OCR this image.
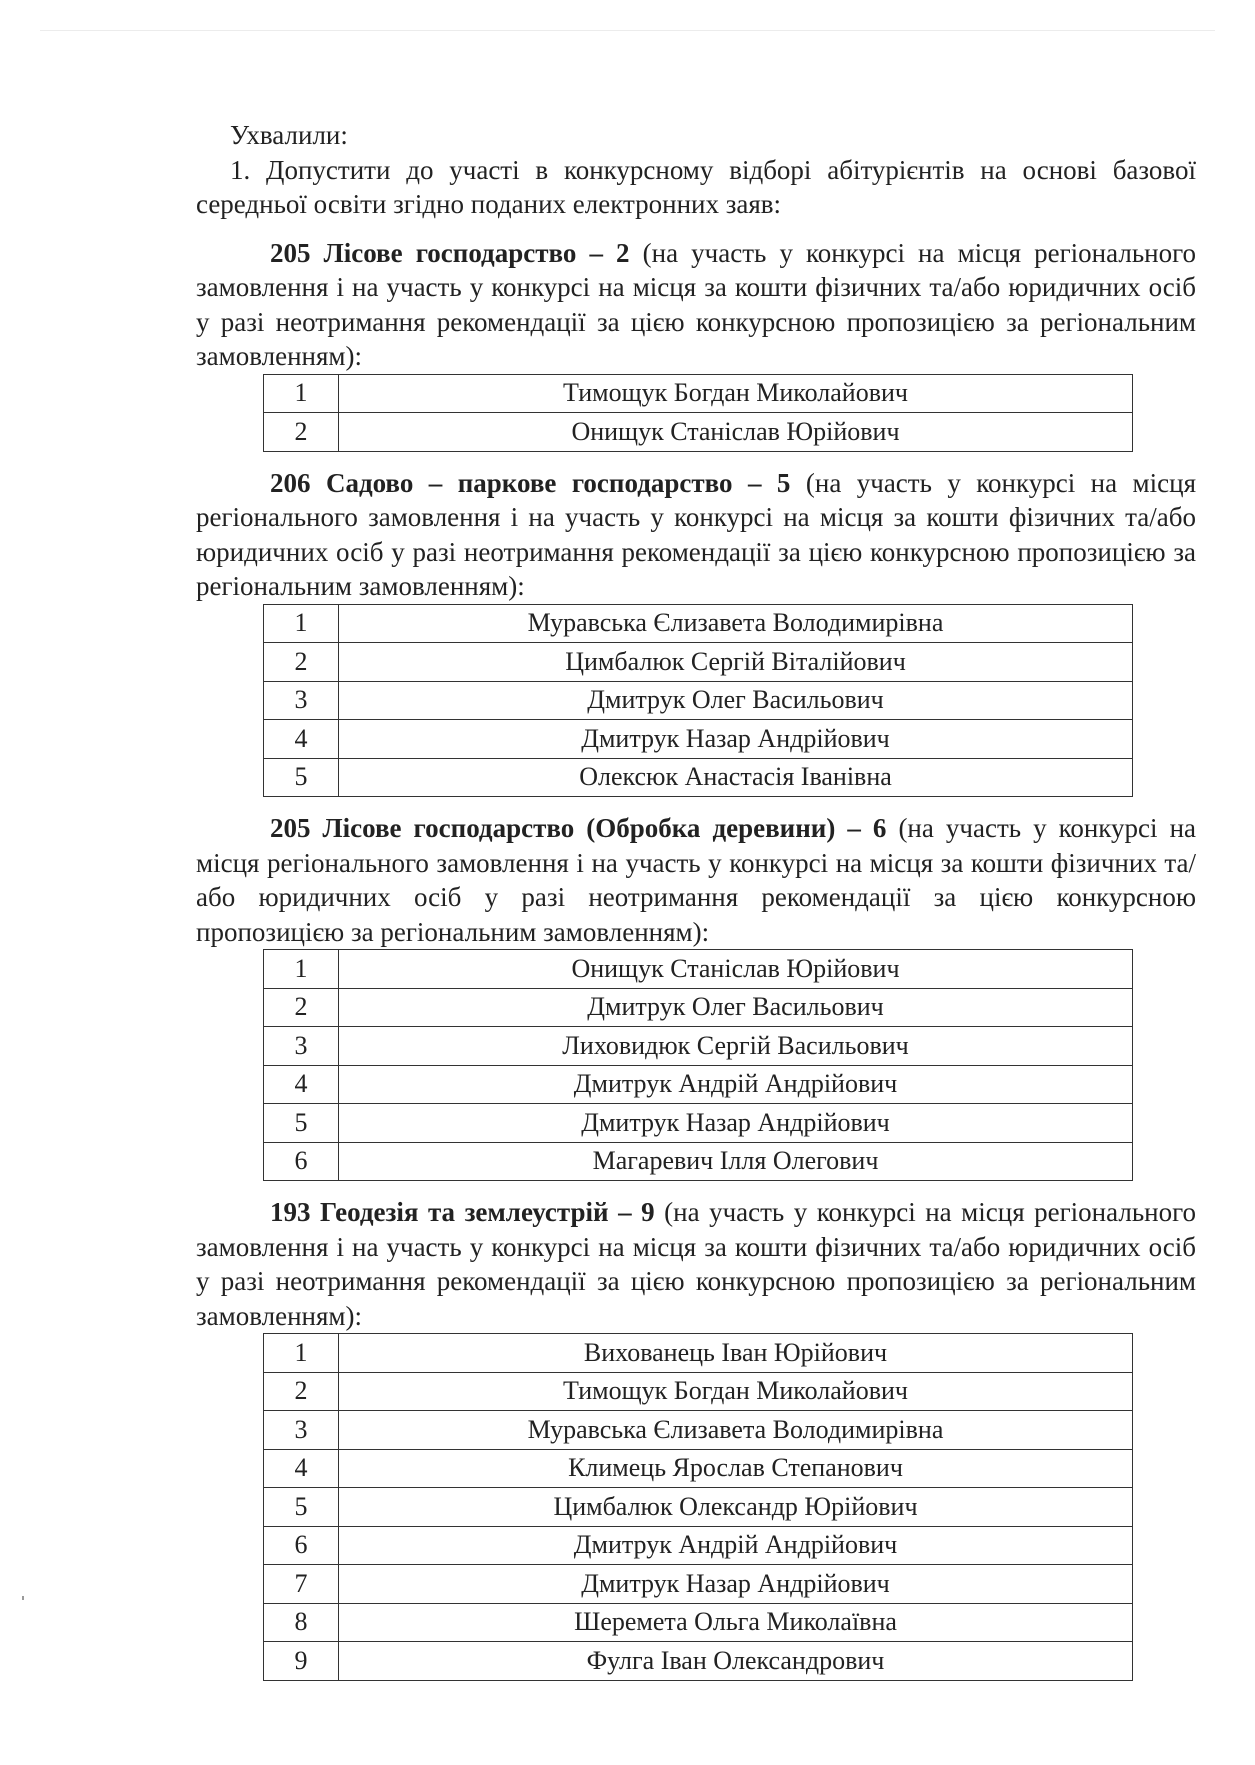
Ухвалили:

1. Допустити до участі в конкурсному відборі абітурієнтів на основі базової середньої освіти згідно поданих електронних заяв:

205 Лісове господарство – 2 (на участь у конкурсі на місця регіонального замовлення і на участь у конкурсі на місця за кошти фізичних та/або юридичних осіб у разі неотримання рекомендації за цією конкурсною пропозицією за регіональним замовленням):

1	Тимощук Богдан Миколайович
2	Онищук Станіслав Юрійович

206 Садово – паркове господарство – 5 (на участь у конкурсі на місця регіонального замовлення і на участь у конкурсі на місця за кошти фізичних та/або юридичних осіб у разі неотримання рекомендації за цією конкурсною пропозицією за регіональним замовленням):

1	Муравська Єлизавета Володимирівна
2	Цимбалюк Сергій Віталійович
3	Дмитрук Олег Васильович
4	Дмитрук Назар Андрійович
5	Олексюк Анастасія Іванівна

205 Лісове господарство (Обробка деревини) – 6 (на участь у конкурсі на місця регіонального замовлення і на участь у конкурсі на місця за кошти фізичних та/або юридичних осіб у разі неотримання рекомендації за цією конкурсною пропозицією за регіональним замовленням):

1	Онищук Станіслав Юрійович
2	Дмитрук Олег Васильович
3	Лиховидюк Сергій Васильович
4	Дмитрук Андрій Андрійович
5	Дмитрук Назар Андрійович
6	Магаревич Ілля Олегович

193 Геодезія та землеустрій – 9 (на участь у конкурсі на місця регіонального замовлення і на участь у конкурсі на місця за кошти фізичних та/або юридичних осіб у разі неотримання рекомендації за цією конкурсною пропозицією за регіональним замовленням):

1	Вихованець Іван Юрійович
2	Тимощук Богдан Миколайович
3	Муравська Єлизавета Володимирівна
4	Климець Ярослав Степанович
5	Цимбалюк Олександр Юрійович
6	Дмитрук Андрій Андрійович
7	Дмитрук Назар Андрійович
8	Шеремета Ольга Миколаївна
9	Фулга Іван Олександрович
